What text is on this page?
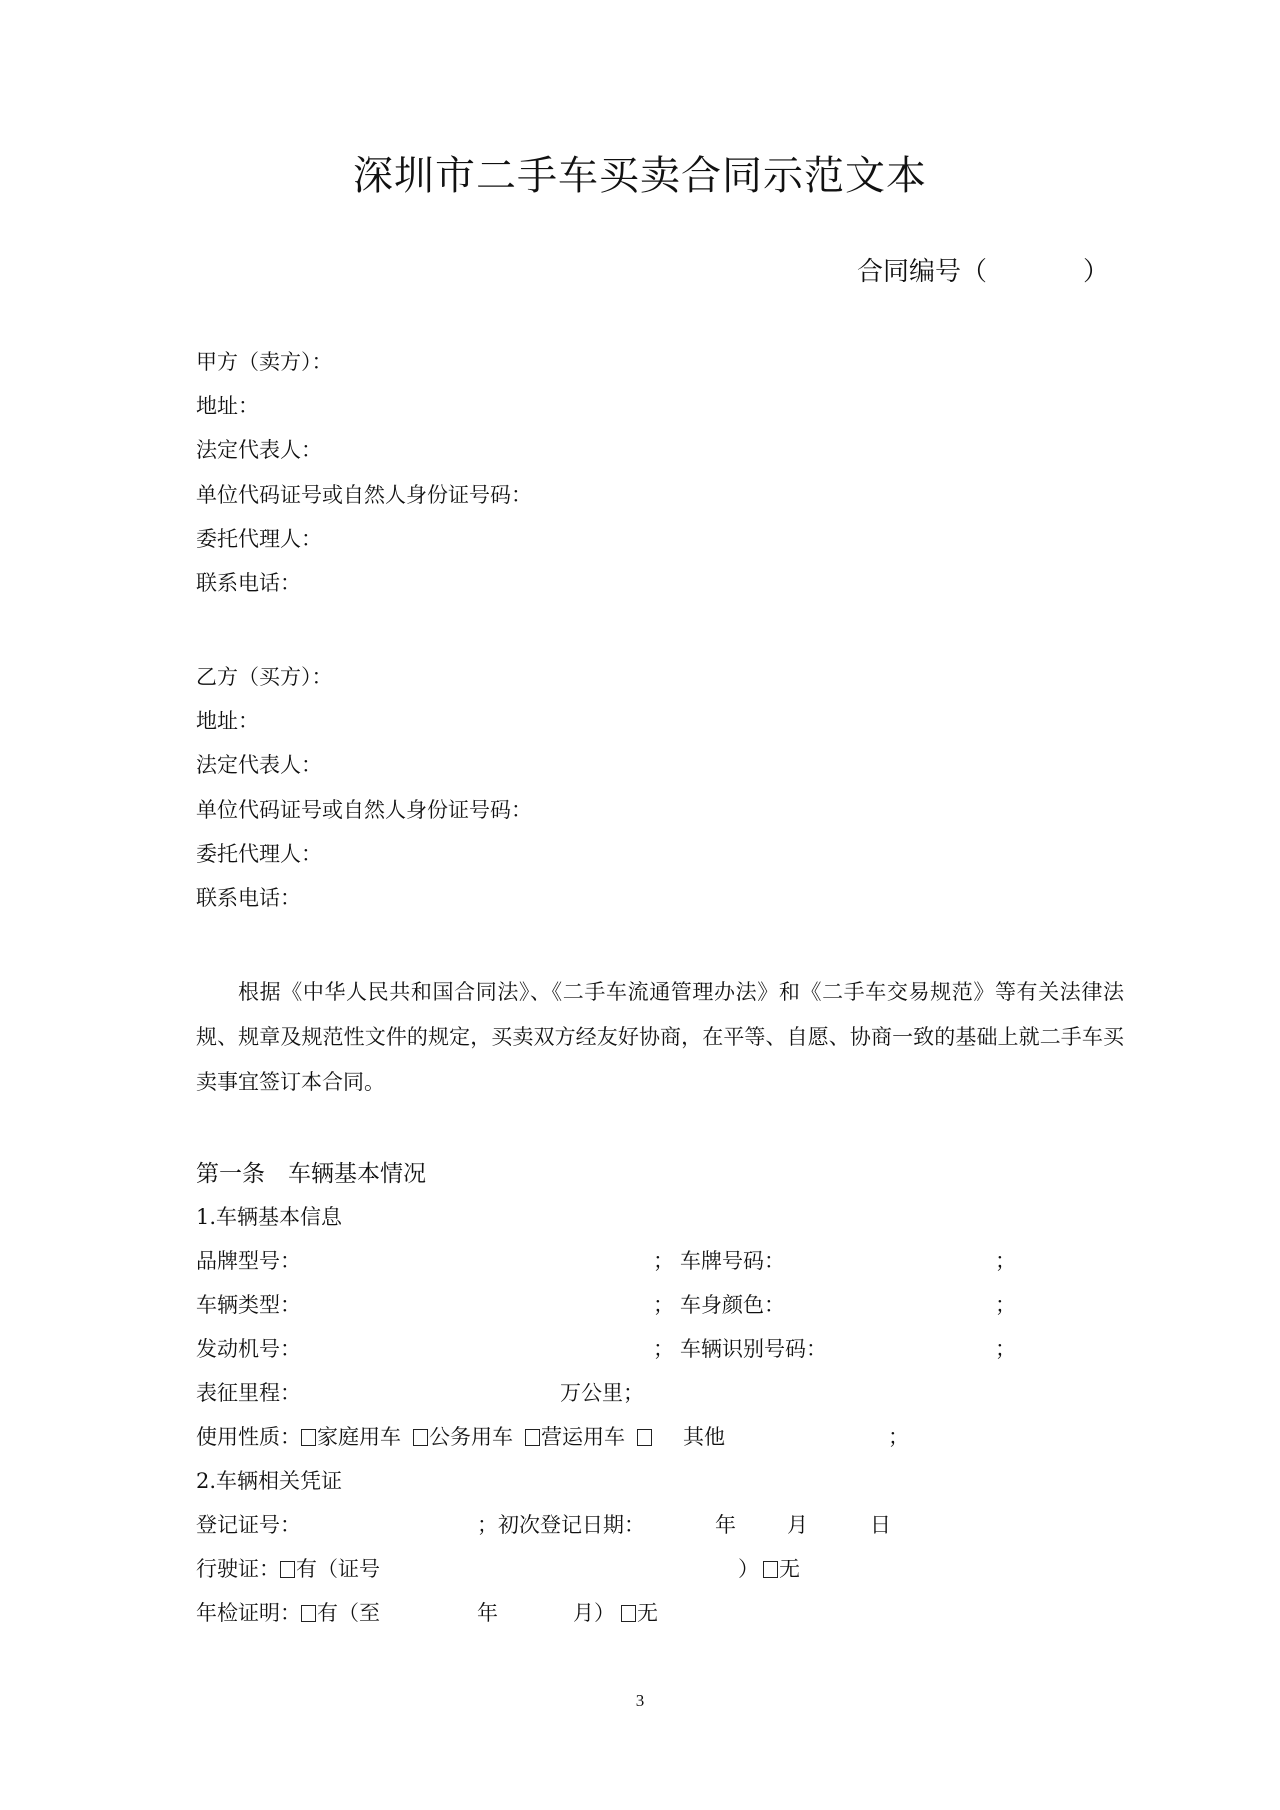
深圳市二手车买卖合同示范文本
合同编号（	）
甲方（卖方）：
地址：
法定代表人：
单位代码证号或自然人身份证号码：
委托代理人：
联系电话：
乙方（买方）：
地址：
法定代表人：
单位代码证号或自然人身份证号码：
委托代理人：
联系电话：
根据《中华人民共和国合同法》、《二手车流通管理办法》和《二手车交易规范》等有关法律法规、规章及规范性文件的规定，买卖双方经友好协商，在平等、自愿、协商一致的基础上就二手车买卖事宜签订本合同。
第一条　车辆基本情况
1.车辆基本信息
品牌型号：	； 车牌号码：	；
车辆类型：	； 车身颜色：	；
发动机号：	； 车辆识别号码：	；
表征里程：	万公里；
使用性质： 家庭用车 公务用车 营运用车	其他	；
2.车辆相关凭证
登记证号：	；初次登记日期：	年 月	日
行驶证： 有（证号	） 无
年检证明： 有（至	年	月） 无
3
